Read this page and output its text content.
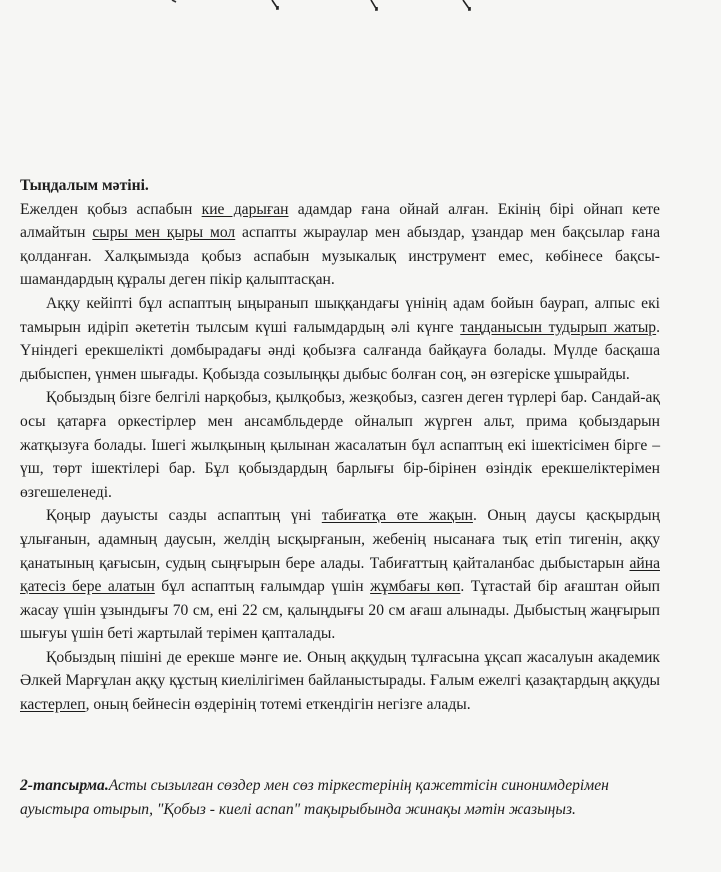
Тыңдалым мәтіні.

Ежелден қобыз аспабын кие дарыған адамдар ғана ойнай алған. Екінің бірі ойнап кете алмайтын сыры мен қыры мол аспапты жыраулар мен абыздар, ұзандар мен бақсылар ғана қолданған. Халқымызда қобыз аспабын музыкалық инструмент емес, көбінесе бақсы-шамандардың құралы деген пікір қалыптасқан.

Аққу кейіпті бұл аспаптың ыңыранып шыққандағы үнінің адам бойын баурап, алпыс екі тамырын идіріп әкететін тылсым күші ғалымдардың әлі күнге таңданысын тудырып жатыр. Үніндегі ерекшелікті домбырадағы әнді қобызға салғанда байқауға болады. Мүлде басқаша дыбыспен, үнмен шығады. Қобызда созылыңқы дыбыс болған соң, ән өзгеріске ұшырайды.

Қобыздың бізге белгілі нарқобыз, қылқобыз, жезқобыз, сазген деген түрлері бар. Сандай-ақ осы қатарға оркестірлер мен ансамбльдерде ойналып жүрген альт, прима қобыздарын жатқызуға болады. Ішегі жылқының қылынан жасалатын бұл аспаптың екі ішектісімен бірге – үш, төрт ішектілері бар. Бұл қобыздардың барлығы бір-бірінен өзіндік ерекшеліктерімен өзгешеленеді.

Қоңыр дауысты сазды аспаптың үні табиғатқа өте жақын. Оның даусы қасқырдың ұлығанын, адамның даусын, желдің ысқырғанын, жебенің нысанаға тық етіп тигенін, аққу қанатының қағысын, судың сыңғырын бере алады. Табиғаттың қайталанбас дыбыстарын айна қатесіз бере алатын бұл аспаптың ғалымдар үшін жұмбағы көп. Тұтастай бір ағаштан ойып жасау үшін ұзындығы 70 см, ені 22 см, қалыңдығы 20 см ағаш алынады. Дыбыстың жаңғырып шығуы үшін беті жартылай терімен қапталады.

Қобыздың пішіні де ерекше мәнге ие. Оның аққудың тұлғасына ұқсап жасалуын академик Әлкей Марғұлан аққу құстың киелілігімен байланыстырады. Ғалым ежелгі қазақтардың аққуды кастерлеп, оның бейнесін өздерінің тотемі еткендігін негізге алады.

2-тапсырма.Асты сызылған сөздер мен сөз тіркестерінің қажеттісін синонимдерімен ауыстыра отырып, "Қобыз - киелі аспап" тақырыбында жинақы мәтін жазыңыз.
